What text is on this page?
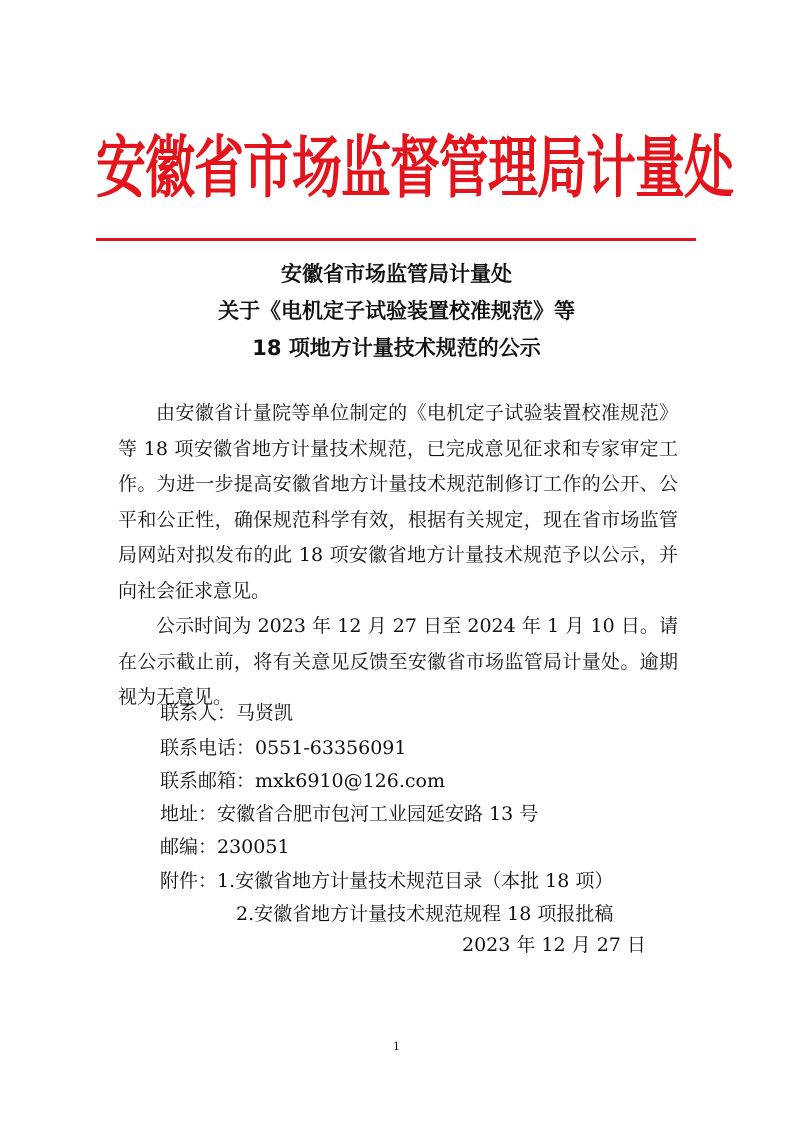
安徽省市场监督管理局计量处
安徽省市场监管局计量处
关于《电机定子试验装置校准规范》等
18 项地方计量技术规范的公示

由安徽省计量院等单位制定的《电机定子试验装置校准规范》等 18 项安徽省地方计量技术规范，已完成意见征求和专家审定工作。为进一步提高安徽省地方计量技术规范制修订工作的公开、公平和公正性，确保规范科学有效，根据有关规定，现在省市场监管局网站对拟发布的此 18 项安徽省地方计量技术规范予以公示，并向社会征求意见。

公示时间为 2023 年 12 月 27 日至 2024 年 1 月 10 日。请在公示截止前，将有关意见反馈至安徽省市场监管局计量处。逾期视为无意见。

联系人：马贤凯
联系电话：0551-63356091
联系邮箱：mxk6910@126.com
地址：安徽省合肥市包河工业园延安路 13 号
邮编：230051
附件：1.安徽省地方计量技术规范目录（本批 18 项）
2.安徽省地方计量技术规范规程 18 项报批稿
2023 年 12 月 27 日
1
